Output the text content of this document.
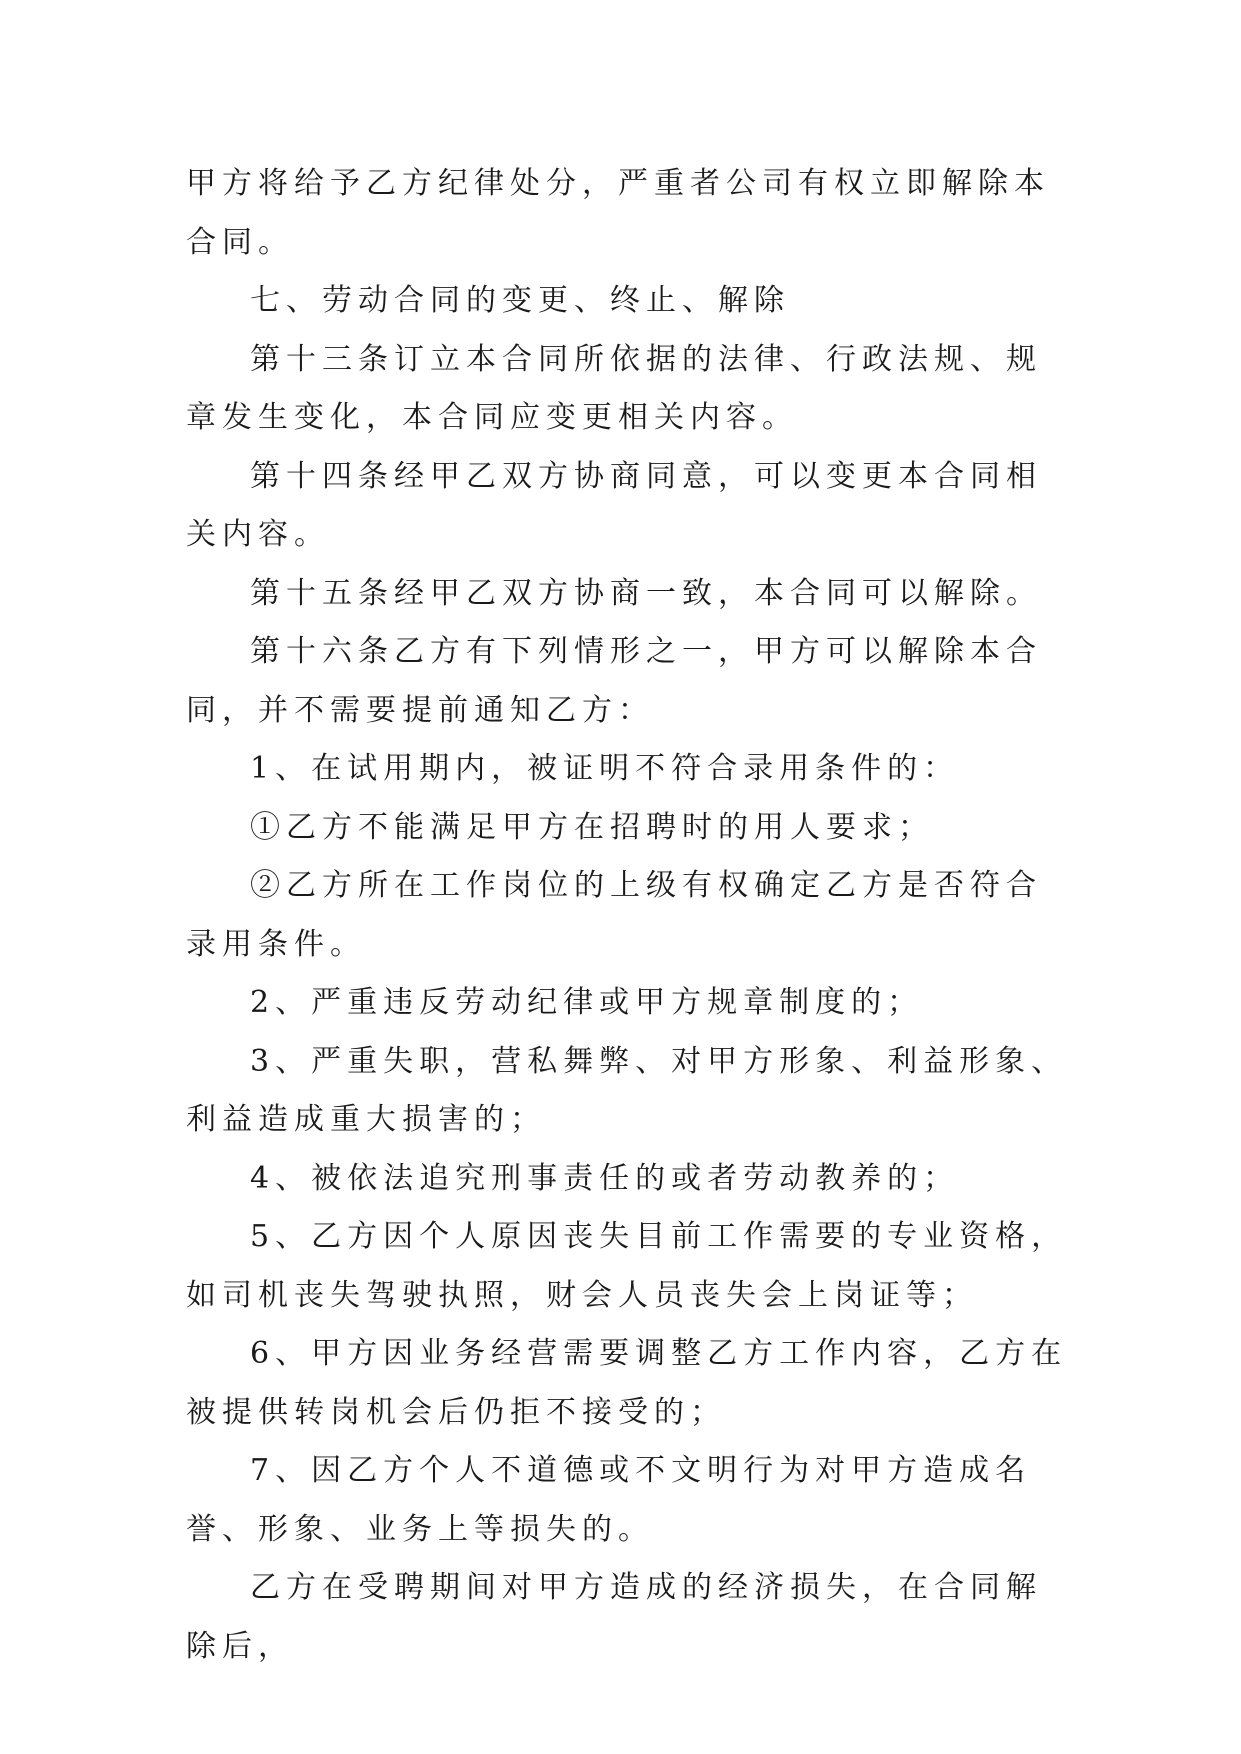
甲方将给予乙方纪律处分，严重者公司有权立即解除本合同。

七、劳动合同的变更、终止、解除

第十三条订立本合同所依据的法律、行政法规、规章发生变化，本合同应变更相关内容。

第十四条经甲乙双方协商同意，可以变更本合同相关内容。

第十五条经甲乙双方协商一致，本合同可以解除。

第十六条乙方有下列情形之一，甲方可以解除本合同，并不需要提前通知乙方：

1、在试用期内，被证明不符合录用条件的：

①乙方不能满足甲方在招聘时的用人要求；

②乙方所在工作岗位的上级有权确定乙方是否符合录用条件。

2、严重违反劳动纪律或甲方规章制度的；

3、严重失职，营私舞弊、对甲方形象、利益形象、利益造成重大损害的；

4、被依法追究刑事责任的或者劳动教养的；

5、乙方因个人原因丧失目前工作需要的专业资格，如司机丧失驾驶执照，财会人员丧失会上岗证等；

6、甲方因业务经营需要调整乙方工作内容，乙方在被提供转岗机会后仍拒不接受的；

7、因乙方个人不道德或不文明行为对甲方造成名誉、形象、业务上等损失的。

乙方在受聘期间对甲方造成的经济损失，在合同解除后，
